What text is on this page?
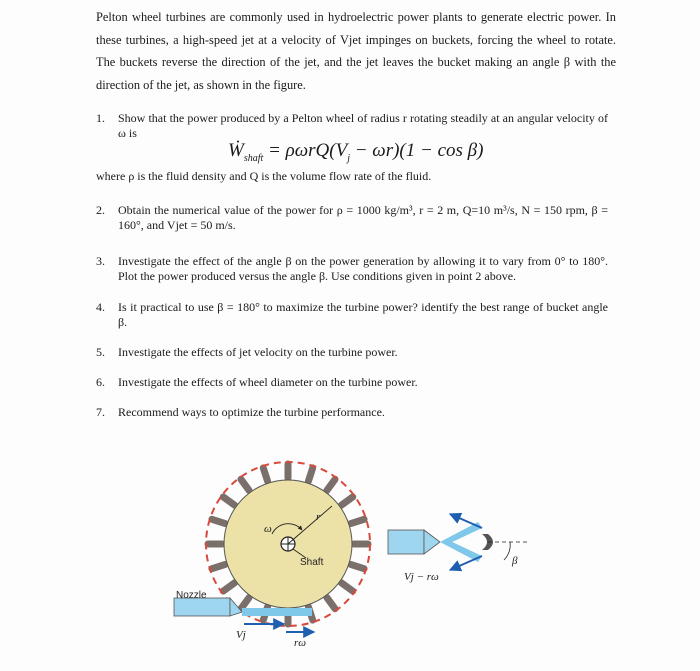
Pelton wheel turbines are commonly used in hydroelectric power plants to generate electric power. In these turbines, a high-speed jet at a velocity of Vjet impinges on buckets, forcing the wheel to rotate. The buckets reverse the direction of the jet, and the jet leaves the bucket making an angle β with the direction of the jet, as shown in the figure.

1.	Show that the power produced by a Pelton wheel of radius r rotating steadily at an angular velocity of ω is
Ẇ$_{shaft}$ = $\rho\omega rQ(V_j - \omega r)(1 - \cos \beta)$
where ρ is the fluid density and Q is the volume flow rate of the fluid.
2.	Obtain the numerical value of the power for ρ = 1000 kg/m³, r = 2 m, Q=10 m³/s, N = 150 rpm, β = 160°, and Vjet = 50 m/s.
3.	Investigate the effect of the angle β on the power generation by allowing it to vary from 0° to 180°. Plot the power produced versus the angle β. Use conditions given in point 2 above.
4.	Is it practical to use β = 180° to maximize the turbine power? identify the best range of bucket angle β.
5.	Investigate the effects of jet velocity on the turbine power.
6.	Investigate the effects of wheel diameter on the turbine power.
7.	Recommend ways to optimize the turbine performance.
r
ω
Shaft
Nozzle
Vj
rω
β
Vj − rω
